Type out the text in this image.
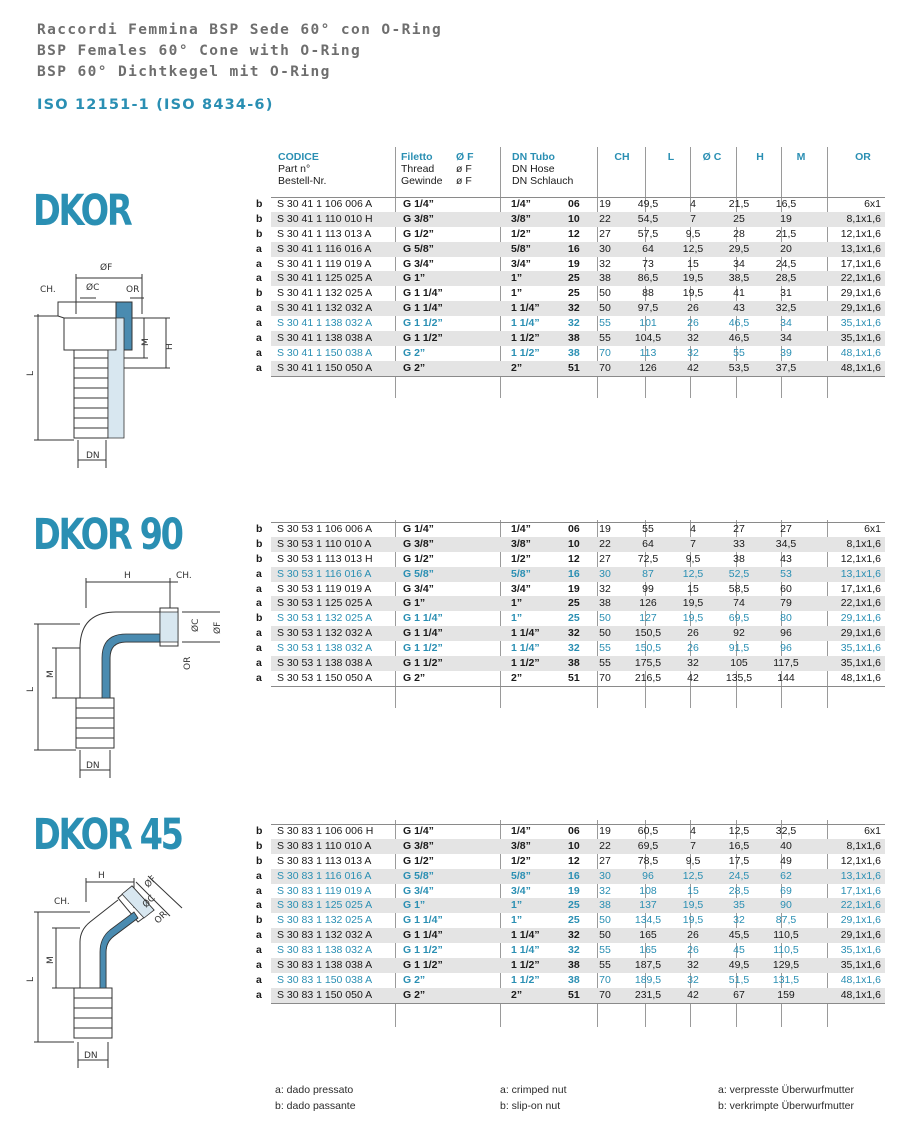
Raccordi Femmina BSP Sede 60° con O-Ring
BSP Females 60° Cone with O-Ring
BSP 60° Dichtkegel mit O-Ring
ISO 12151-1 (ISO 8434-6)
CODICE
Part n°
Bestell-Nr.
Filetto
Thread
Gewinde
Ø F
ø F
ø F
DN Tubo
DN Hose
DN Schlauch
CH	L	Ø C	H	M	OR
DKOR
DKOR 90
DKOR 45
b S 30 41 1 106 006 A	G 1/4”	1/4”	06	19	49,5	4	21,5	16,5	6x1
b S 30 41 1 110 010 H	G 3/8”	3/8”	10	22	54,5	7	25	19	8,1x1,6
b S 30 41 1 113 013 A	G 1/2”	1/2”	12	27	57,5	9,5	28	21,5	12,1x1,6
a S 30 41 1 116 016 A	G 5/8”	5/8”	16	30	64	12,5	29,5	20	13,1x1,6
a S 30 41 1 119 019 A	G 3/4”	3/4”	19	32	73	15	34	24,5	17,1x1,6
a S 30 41 1 125 025 A	G 1”	1”	25	38	86,5	19,5	38,5	28,5	22,1x1,6
b S 30 41 1 132 025 A	G 1 1/4”	1”	25	50	88	19,5	41	31	29,1x1,6
a S 30 41 1 132 032 A	G 1 1/4”	1 1/4”	32	50	97,5	26	43	32,5	29,1x1,6
a S 30 41 1 138 032 A	G 1 1/2”	1 1/4”	32	55	101	26	46,5	34	35,1x1,6
a S 30 41 1 138 038 A	G 1 1/2”	1 1/2”	38	55	104,5	32	46,5	34	35,1x1,6
a S 30 41 1 150 038 A	G 2”	1 1/2”	38	70	113	32	55	39	48,1x1,6
a S 30 41 1 150 050 A	G 2”	2”	51	70	126	42	53,5	37,5	48,1x1,6
b S 30 53 1 106 006 A	G 1/4”	1/4”	06	19	55	4	27	27	6x1
b S 30 53 1 110 010 A	G 3/8”	3/8”	10	22	64	7	33	34,5	8,1x1,6
b S 30 53 1 113 013 H	G 1/2”	1/2”	12	27	72,5	9,5	38	43	12,1x1,6
a S 30 53 1 116 016 A	G 5/8”	5/8”	16	30	87	12,5	52,5	53	13,1x1,6
a S 30 53 1 119 019 A	G 3/4”	3/4”	19	32	99	15	58,5	60	17,1x1,6
a S 30 53 1 125 025 A	G 1”	1”	25	38	126	19,5	74	79	22,1x1,6
b S 30 53 1 132 025 A	G 1 1/4”	1”	25	50	127	19,5	69,5	80	29,1x1,6
a S 30 53 1 132 032 A	G 1 1/4”	1 1/4”	32	50	150,5	26	92	96	29,1x1,6
a S 30 53 1 138 032 A	G 1 1/2”	1 1/4”	32	55	150,5	26	91,5	96	35,1x1,6
a S 30 53 1 138 038 A	G 1 1/2”	1 1/2”	38	55	175,5	32	105	117,5	35,1x1,6
a S 30 53 1 150 050 A	G 2”	2”	51	70	216,5	42	135,5	144	48,1x1,6
b S 30 83 1 106 006 H	G 1/4”	1/4”	06	19	60,5	4	12,5	32,5	6x1
b S 30 83 1 110 010 A	G 3/8”	3/8”	10	22	69,5	7	16,5	40	8,1x1,6
b S 30 83 1 113 013 A	G 1/2”	1/2”	12	27	78,5	9,5	17,5	49	12,1x1,6
a S 30 83 1 116 016 A	G 5/8”	5/8”	16	30	96	12,5	24,5	62	13,1x1,6
a S 30 83 1 119 019 A	G 3/4”	3/4”	19	32	108	15	28,5	69	17,1x1,6
a S 30 83 1 125 025 A	G 1”	1”	25	38	137	19,5	35	90	22,1x1,6
b S 30 83 1 132 025 A	G 1 1/4”	1”	25	50	134,5	19,5	32	87,5	29,1x1,6
a S 30 83 1 132 032 A	G 1 1/4”	1 1/4”	32	50	165	26	45,5	110,5	29,1x1,6
a S 30 83 1 138 032 A	G 1 1/2”	1 1/4”	32	55	165	26	45	110,5	35,1x1,6
a S 30 83 1 138 038 A	G 1 1/2”	1 1/2”	38	55	187,5	32	49,5	129,5	35,1x1,6
a S 30 83 1 150 038 A	G 2”	1 1/2”	38	70	189,5	32	51,5	131,5	48,1x1,6
a S 30 83 1 150 050 A	G 2”	2”	51	70	231,5	42	67	159	48,1x1,6
ØF
ØC
CH.	OR
H
M
L
DN
H	CH.
ØC ØF
OR
M
L
DN
H
CH.
ØF
ØC
OR
M
L
DN
a: dado pressato
b: dado passante
a: crimped nut
b: slip-on nut
a: verpresste Überwurfmutter
b: verkrimpte Überwurfmutter
